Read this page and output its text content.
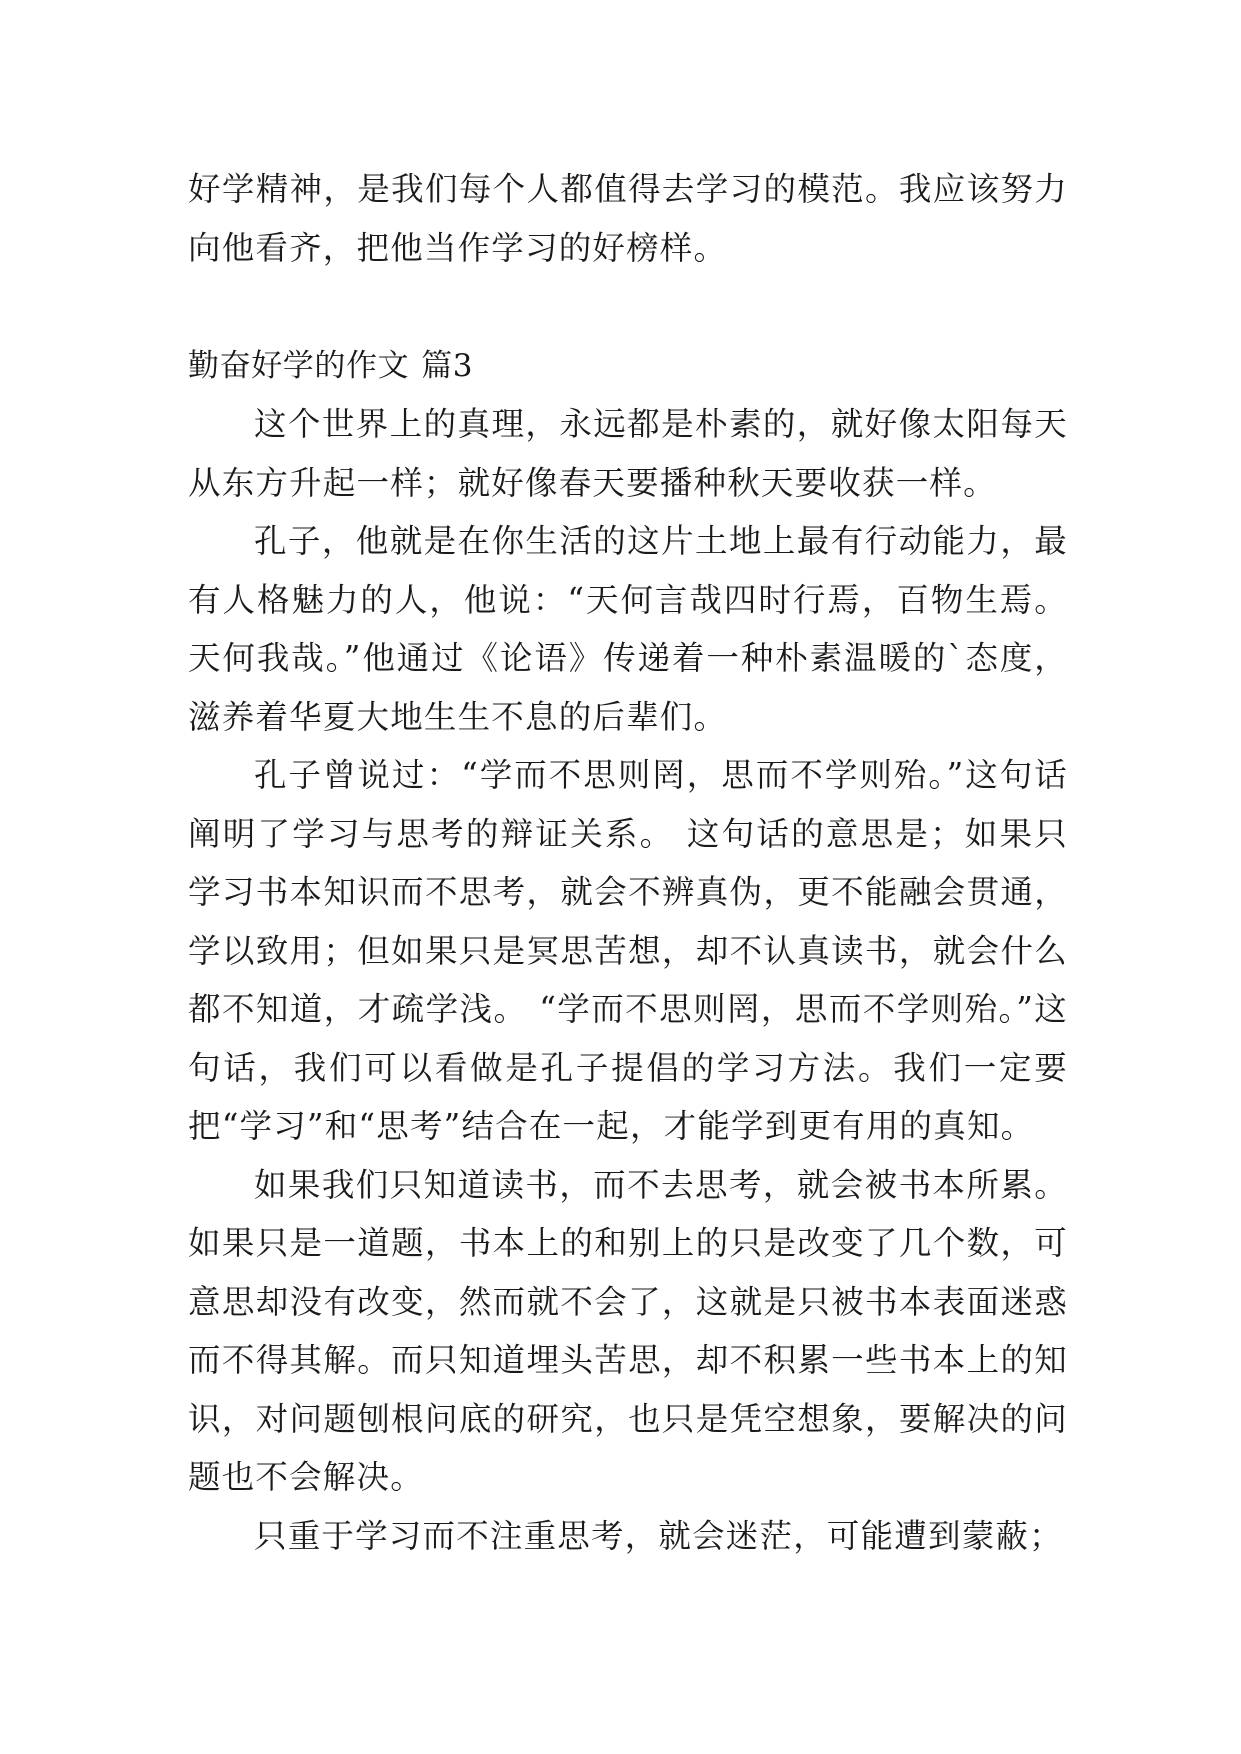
好学精神，是我们每个人都值得去学习的模范。我应该努力向他看齐，把他当作学习的好榜样。

勤奋好学的作文 篇3

这个世界上的真理，永远都是朴素的，就好像太阳每天从东方升起一样；就好像春天要播种秋天要收获一样。

孔子，他就是在你生活的这片土地上最有行动能力，最有人格魅力的人，他说：“天何言哉四时行焉，百物生焉。天何我哉。”他通过《论语》传递着一种朴素温暖的`态度，滋养着华夏大地生生不息的后辈们。

孔子曾说过：“学而不思则罔，思而不学则殆。”这句话阐明了学习与思考的辩证关系。 这句话的意思是；如果只学习书本知识而不思考，就会不辨真伪，更不能融会贯通，学以致用；但如果只是冥思苦想，却不认真读书，就会什么都不知道，才疏学浅。 “学而不思则罔，思而不学则殆。”这句话，我们可以看做是孔子提倡的学习方法。我们一定要把“学习”和“思考”结合在一起，才能学到更有用的真知。

如果我们只知道读书，而不去思考，就会被书本所累。如果只是一道题，书本上的和别上的只是改变了几个数，可意思却没有改变，然而就不会了，这就是只被书本表面迷惑而不得其解。而只知道埋头苦思，却不积累一些书本上的知识，对问题刨根问底的研究，也只是凭空想象，要解决的问题也不会解决。

只重于学习而不注重思考，就会迷茫，可能遭到蒙蔽；
